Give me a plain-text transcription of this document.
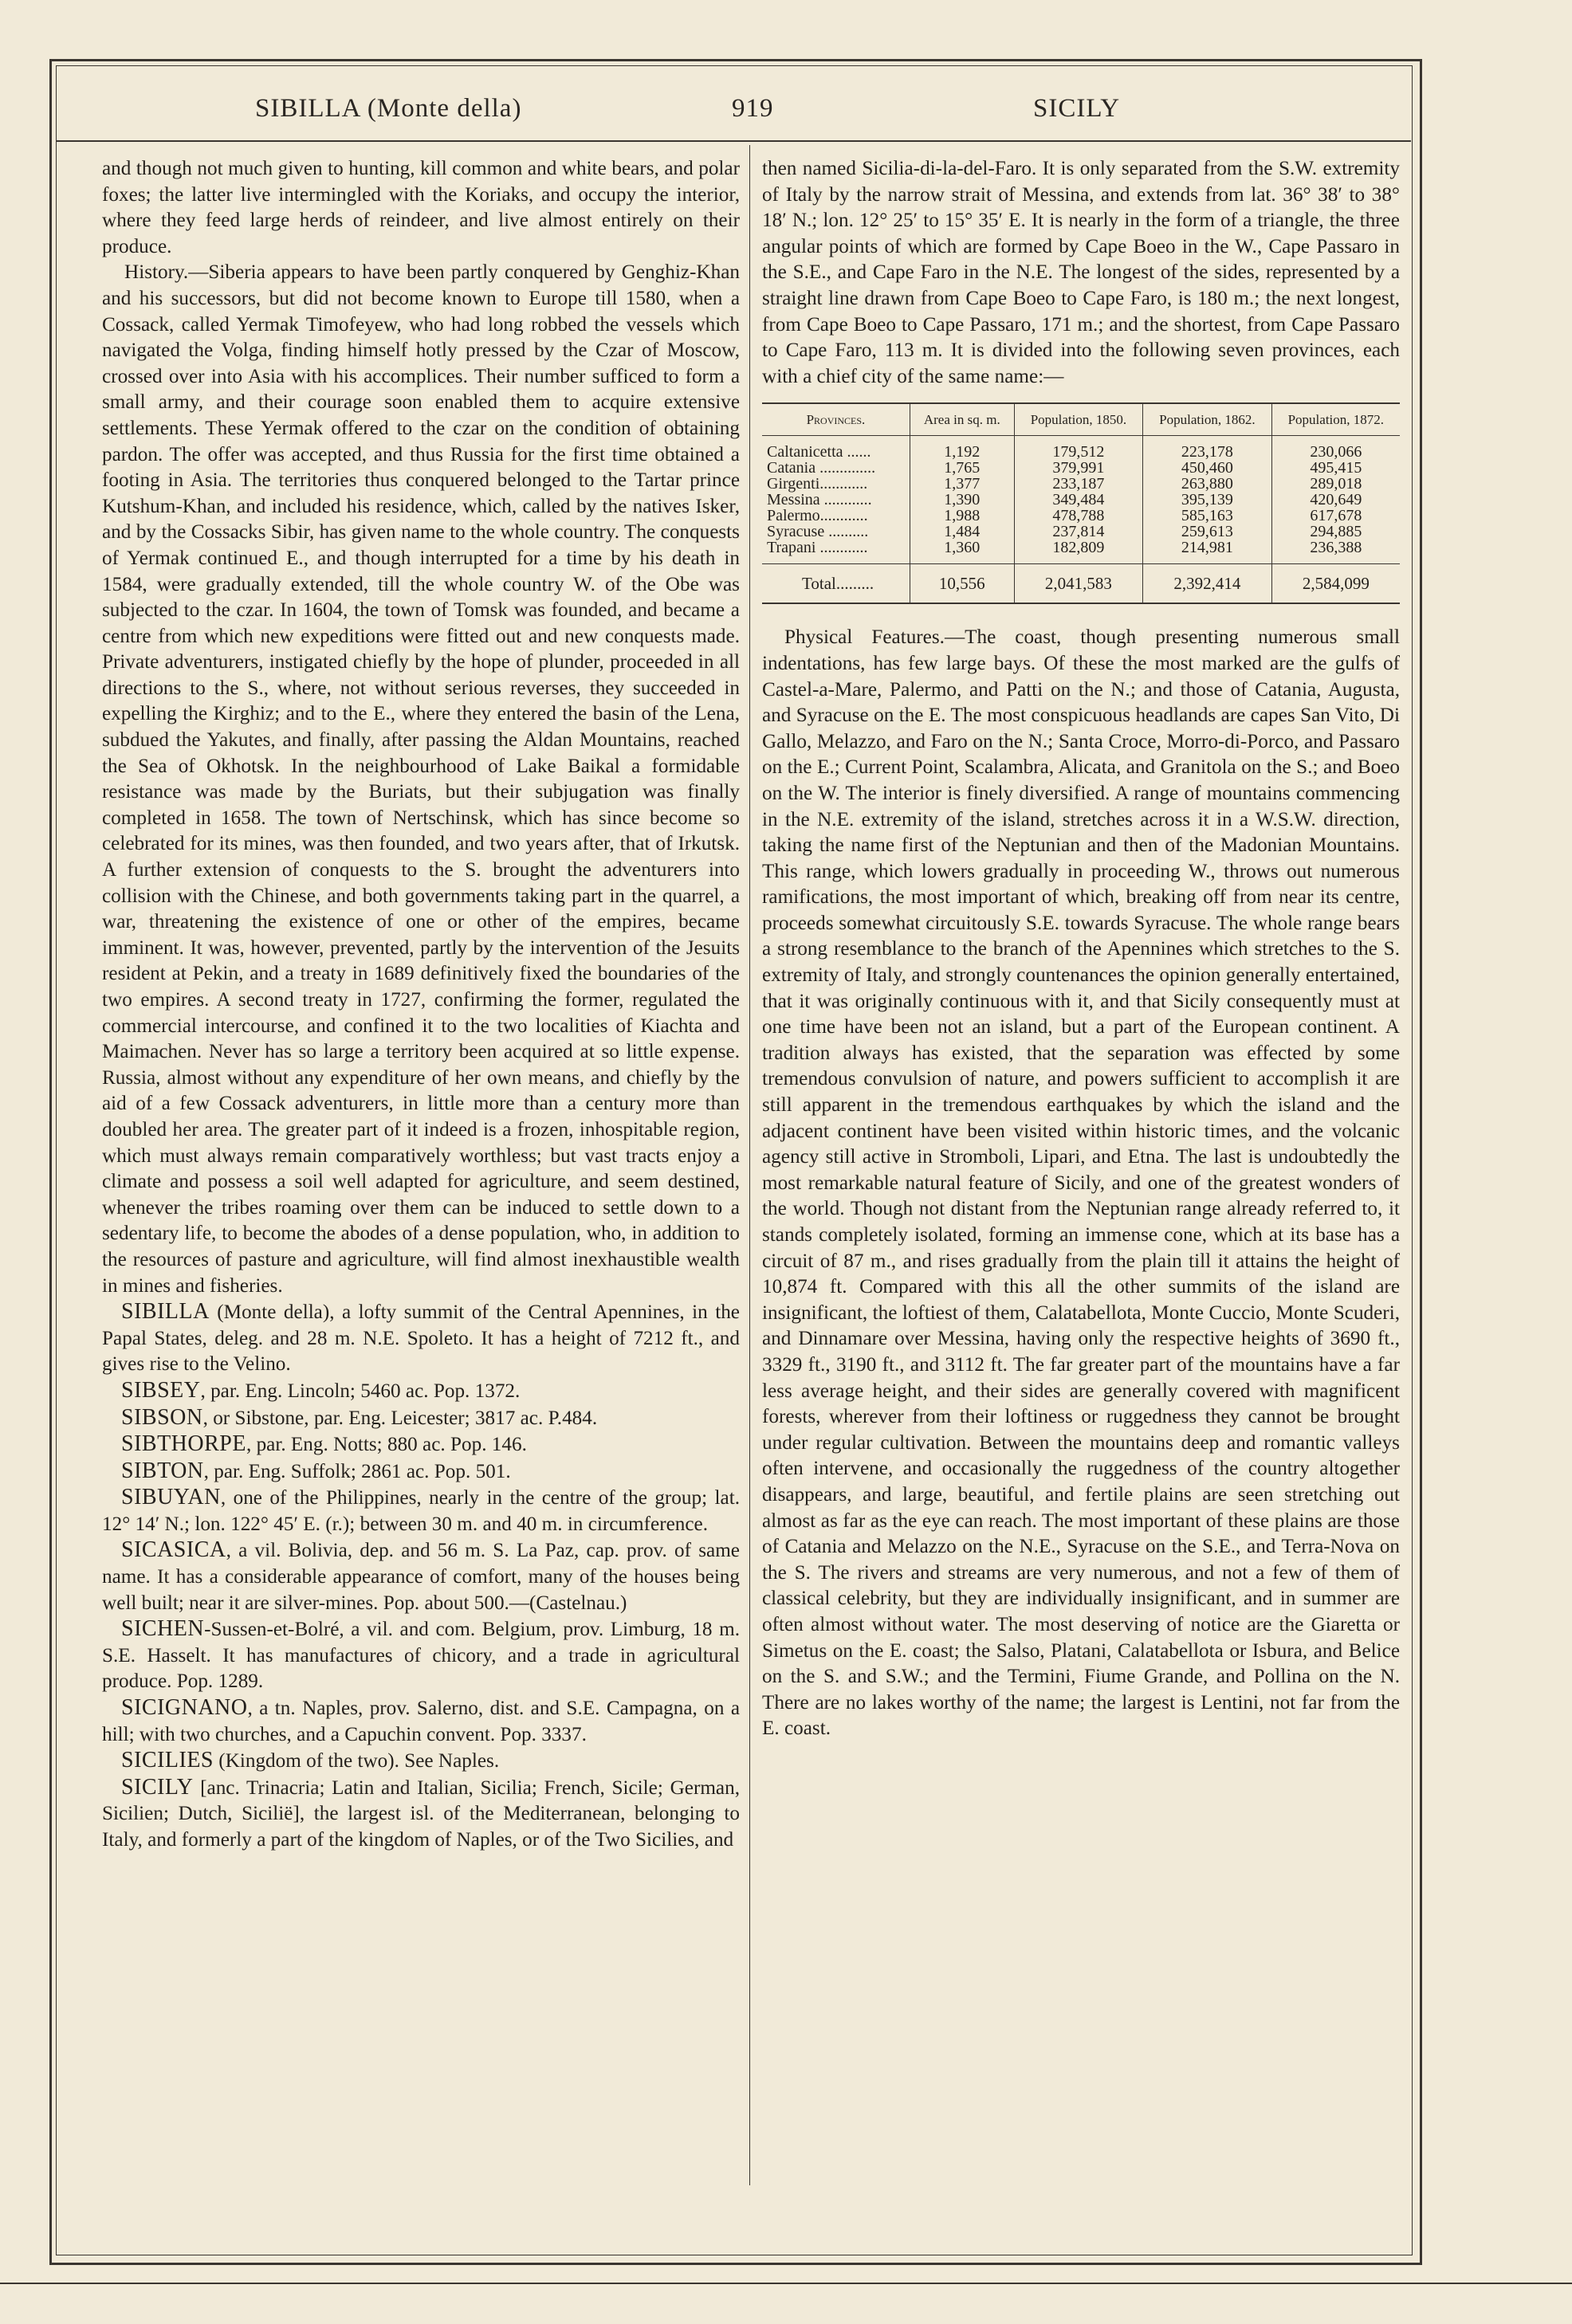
SIBILLA (Monte della)	919	SICILY

and though not much given to hunting, kill common and white bears, and polar foxes; the latter live intermingled with the Koriaks, and occupy the interior, where they feed large herds of reindeer, and live almost entirely on their produce.

History.—Siberia appears to have been partly conquered by Genghiz-Khan and his successors, but did not become known to Europe till 1580, when a Cossack, called Yermak Timofeyew, who had long robbed the vessels which navigated the Volga, finding himself hotly pressed by the Czar of Moscow, crossed over into Asia with his accomplices. Their number sufficed to form a small army, and their courage soon enabled them to acquire extensive settlements. These Yermak offered to the czar on the condition of obtaining pardon. The offer was accepted, and thus Russia for the first time obtained a footing in Asia. The territories thus conquered belonged to the Tartar prince Kutshum-Khan, and included his residence, which, called by the natives Isker, and by the Cossacks Sibir, has given name to the whole country. The conquests of Yermak continued E., and though interrupted for a time by his death in 1584, were gradually extended, till the whole country W. of the Obe was subjected to the czar. In 1604, the town of Tomsk was founded, and became a centre from which new expeditions were fitted out and new conquests made. Private adventurers, instigated chiefly by the hope of plunder, proceeded in all directions to the S., where, not without serious reverses, they succeeded in expelling the Kirghiz; and to the E., where they entered the basin of the Lena, subdued the Yakutes, and finally, after passing the Aldan Mountains, reached the Sea of Okhotsk. In the neighbourhood of Lake Baikal a formidable resistance was made by the Buriats, but their subjugation was finally completed in 1658. The town of Nertschinsk, which has since become so celebrated for its mines, was then founded, and two years after, that of Irkutsk. A further extension of conquests to the S. brought the adventurers into collision with the Chinese, and both governments taking part in the quarrel, a war, threatening the existence of one or other of the empires, became imminent. It was, however, prevented, partly by the intervention of the Jesuits resident at Pekin, and a treaty in 1689 definitively fixed the boundaries of the two empires. A second treaty in 1727, confirming the former, regulated the commercial intercourse, and confined it to the two localities of Kiachta and Maimachen. Never has so large a territory been acquired at so little expense. Russia, almost without any expenditure of her own means, and chiefly by the aid of a few Cossack adventurers, in little more than a century more than doubled her area. The greater part of it indeed is a frozen, inhospitable region, which must always remain comparatively worthless; but vast tracts enjoy a climate and possess a soil well adapted for agriculture, and seem destined, whenever the tribes roaming over them can be induced to settle down to a sedentary life, to become the abodes of a dense population, who, in addition to the resources of pasture and agriculture, will find almost inexhaustible wealth in mines and fisheries.

SIBILLA (Monte della), a lofty summit of the Central Apennines, in the Papal States, deleg. and 28 m. N.E. Spoleto. It has a height of 7212 ft., and gives rise to the Velino.

SIBSEY, par. Eng. Lincoln; 5460 ac. Pop. 1372.

SIBSON, or Sibstone, par. Eng. Leicester; 3817 ac. P.484.

SIBTHORPE, par. Eng. Notts; 880 ac. Pop. 146.

SIBTON, par. Eng. Suffolk; 2861 ac. Pop. 501.

SIBUYAN, one of the Philippines, nearly in the centre of the group; lat. 12° 14′ N.; lon. 122° 45′ E. (r.); between 30 m. and 40 m. in circumference.

SICASICA, a vil. Bolivia, dep. and 56 m. S. La Paz, cap. prov. of same name. It has a considerable appearance of comfort, many of the houses being well built; near it are silver-mines. Pop. about 500.—(Castelnau.)

SICHEN-Sussen-et-Bolré, a vil. and com. Belgium, prov. Limburg, 18 m. S.E. Hasselt. It has manufactures of chicory, and a trade in agricultural produce. Pop. 1289.

SICIGNANO, a tn. Naples, prov. Salerno, dist. and S.E. Campagna, on a hill; with two churches, and a Capuchin convent. Pop. 3337.

SICILIES (Kingdom of the two). See Naples.

SICILY [anc. Trinacria; Latin and Italian, Sicilia; French, Sicile; German, Sicilien; Dutch, Sicilië], the largest isl. of the Mediterranean, belonging to Italy, and formerly a part of the kingdom of Naples, or of the Two Sicilies, and

then named Sicilia-di-la-del-Faro. It is only separated from the S.W. extremity of Italy by the narrow strait of Messina, and extends from lat. 36° 38′ to 38° 18′ N.; lon. 12° 25′ to 15° 35′ E. It is nearly in the form of a triangle, the three angular points of which are formed by Cape Boeo in the W., Cape Passaro in the S.E., and Cape Faro in the N.E. The longest of the sides, represented by a straight line drawn from Cape Boeo to Cape Faro, is 180 m.; the next longest, from Cape Boeo to Cape Passaro, 171 m.; and the shortest, from Cape Passaro to Cape Faro, 113 m. It is divided into the following seven provinces, each with a chief city of the same name:—

Provinces.	Area in sq. m.	Population, 1850.	Population, 1862.	Population, 1872.
Caltanicetta ......	1,192	179,512	223,178	230,066
Catania ..............	1,765	379,991	450,460	495,415
Girgenti............	1,377	233,187	263,880	289,018
Messina ............	1,390	349,484	395,139	420,649
Palermo............	1,988	478,788	585,163	617,678
Syracuse ..........	1,484	237,814	259,613	294,885
Trapani ............	1,360	182,809	214,981	236,388
Total.........	10,556	2,041,583	2,392,414	2,584,099

Physical Features.—The coast, though presenting numerous small indentations, has few large bays. Of these the most marked are the gulfs of Castel-a-Mare, Palermo, and Patti on the N.; and those of Catania, Augusta, and Syracuse on the E. The most conspicuous headlands are capes San Vito, Di Gallo, Melazzo, and Faro on the N.; Santa Croce, Morro-di-Porco, and Passaro on the E.; Current Point, Scalambra, Alicata, and Granitola on the S.; and Boeo on the W. The interior is finely diversified. A range of mountains commencing in the N.E. extremity of the island, stretches across it in a W.S.W. direction, taking the name first of the Neptunian and then of the Madonian Mountains. This range, which lowers gradually in proceeding W., throws out numerous ramifications, the most important of which, breaking off from near its centre, proceeds somewhat circuitously S.E. towards Syracuse. The whole range bears a strong resemblance to the branch of the Apennines which stretches to the S. extremity of Italy, and strongly countenances the opinion generally entertained, that it was originally continuous with it, and that Sicily consequently must at one time have been not an island, but a part of the European continent. A tradition always has existed, that the separation was effected by some tremendous convulsion of nature, and powers sufficient to accomplish it are still apparent in the tremendous earthquakes by which the island and the adjacent continent have been visited within historic times, and the volcanic agency still active in Stromboli, Lipari, and Etna. The last is undoubtedly the most remarkable natural feature of Sicily, and one of the greatest wonders of the world. Though not distant from the Neptunian range already referred to, it stands completely isolated, forming an immense cone, which at its base has a circuit of 87 m., and rises gradually from the plain till it attains the height of 10,874 ft. Compared with this all the other summits of the island are insignificant, the loftiest of them, Calatabellota, Monte Cuccio, Monte Scuderi, and Dinnamare over Messina, having only the respective heights of 3690 ft., 3329 ft., 3190 ft., and 3112 ft. The far greater part of the mountains have a far less average height, and their sides are generally covered with magnificent forests, wherever from their loftiness or ruggedness they cannot be brought under regular cultivation. Between the mountains deep and romantic valleys often intervene, and occasionally the ruggedness of the country altogether disappears, and large, beautiful, and fertile plains are seen stretching out almost as far as the eye can reach. The most important of these plains are those of Catania and Melazzo on the N.E., Syracuse on the S.E., and Terra-Nova on the S. The rivers and streams are very numerous, and not a few of them of classical celebrity, but they are individually insignificant, and in summer are often almost without water. The most deserving of notice are the Giaretta or Simetus on the E. coast; the Salso, Platani, Calatabellota or Isbura, and Belice on the S. and S.W.; and the Termini, Fiume Grande, and Pollina on the N. There are no lakes worthy of the name; the largest is Lentini, not far from the E. coast.
